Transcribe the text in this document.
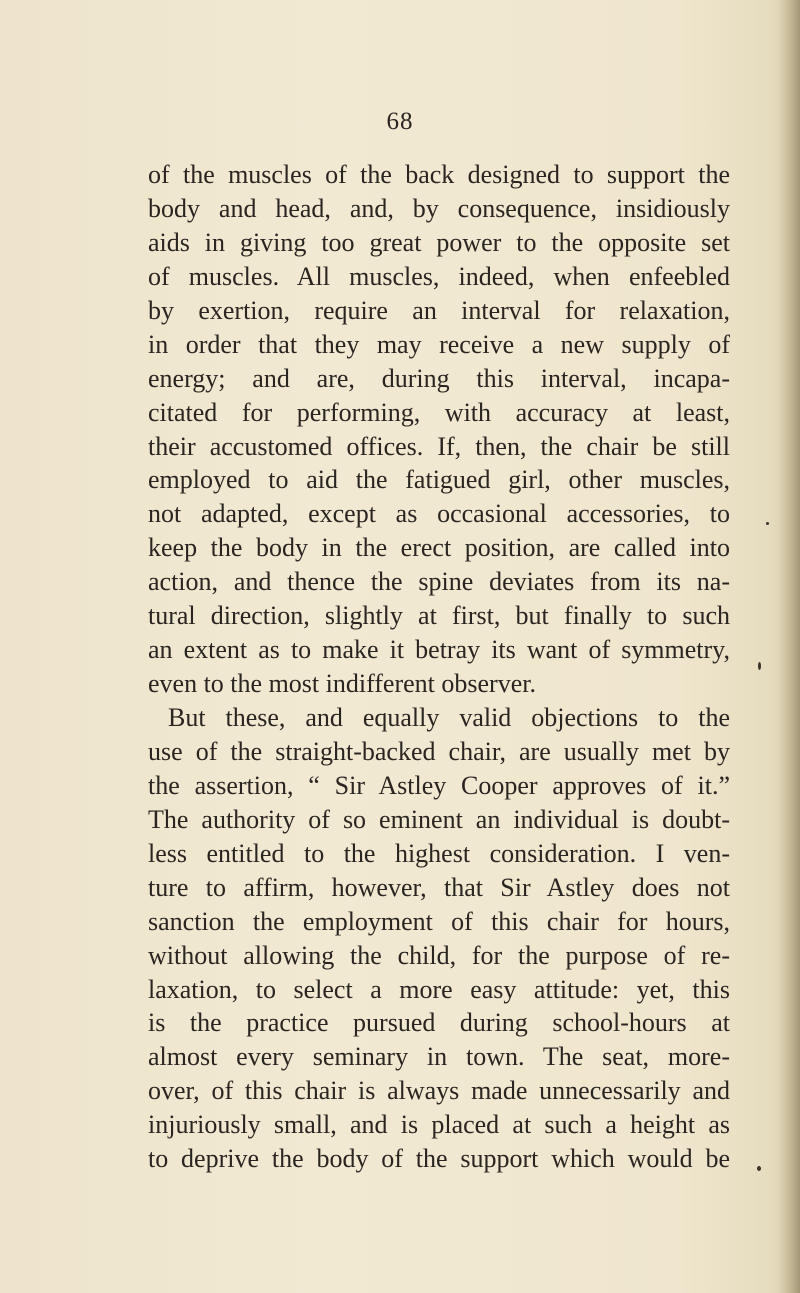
68
of the muscles of the back designed to support the
body and head, and, by consequence, insidiously
aids in giving too great power to the opposite set
of muscles. All muscles, indeed, when enfeebled
by exertion, require an interval for relaxation,
in order that they may receive a new supply of
energy; and are, during this interval, incapa-
citated for performing, with accuracy at least,
their accustomed offices. If, then, the chair be still
employed to aid the fatigued girl, other muscles,
not adapted, except as occasional accessories, to
keep the body in the erect position, are called into
action, and thence the spine deviates from its na-
tural direction, slightly at first, but finally to such
an extent as to make it betray its want of symmetry,
even to the most indifferent observer.
But these, and equally valid objections to the
use of the straight-backed chair, are usually met by
the assertion, “ Sir Astley Cooper approves of it.”
The authority of so eminent an individual is doubt-
less entitled to the highest consideration. I ven-
ture to affirm, however, that Sir Astley does not
sanction the employment of this chair for hours,
without allowing the child, for the purpose of re-
laxation, to select a more easy attitude: yet, this
is the practice pursued during school-hours at
almost every seminary in town. The seat, more-
over, of this chair is always made unnecessarily and
injuriously small, and is placed at such a height as
to deprive the body of the support which would be
